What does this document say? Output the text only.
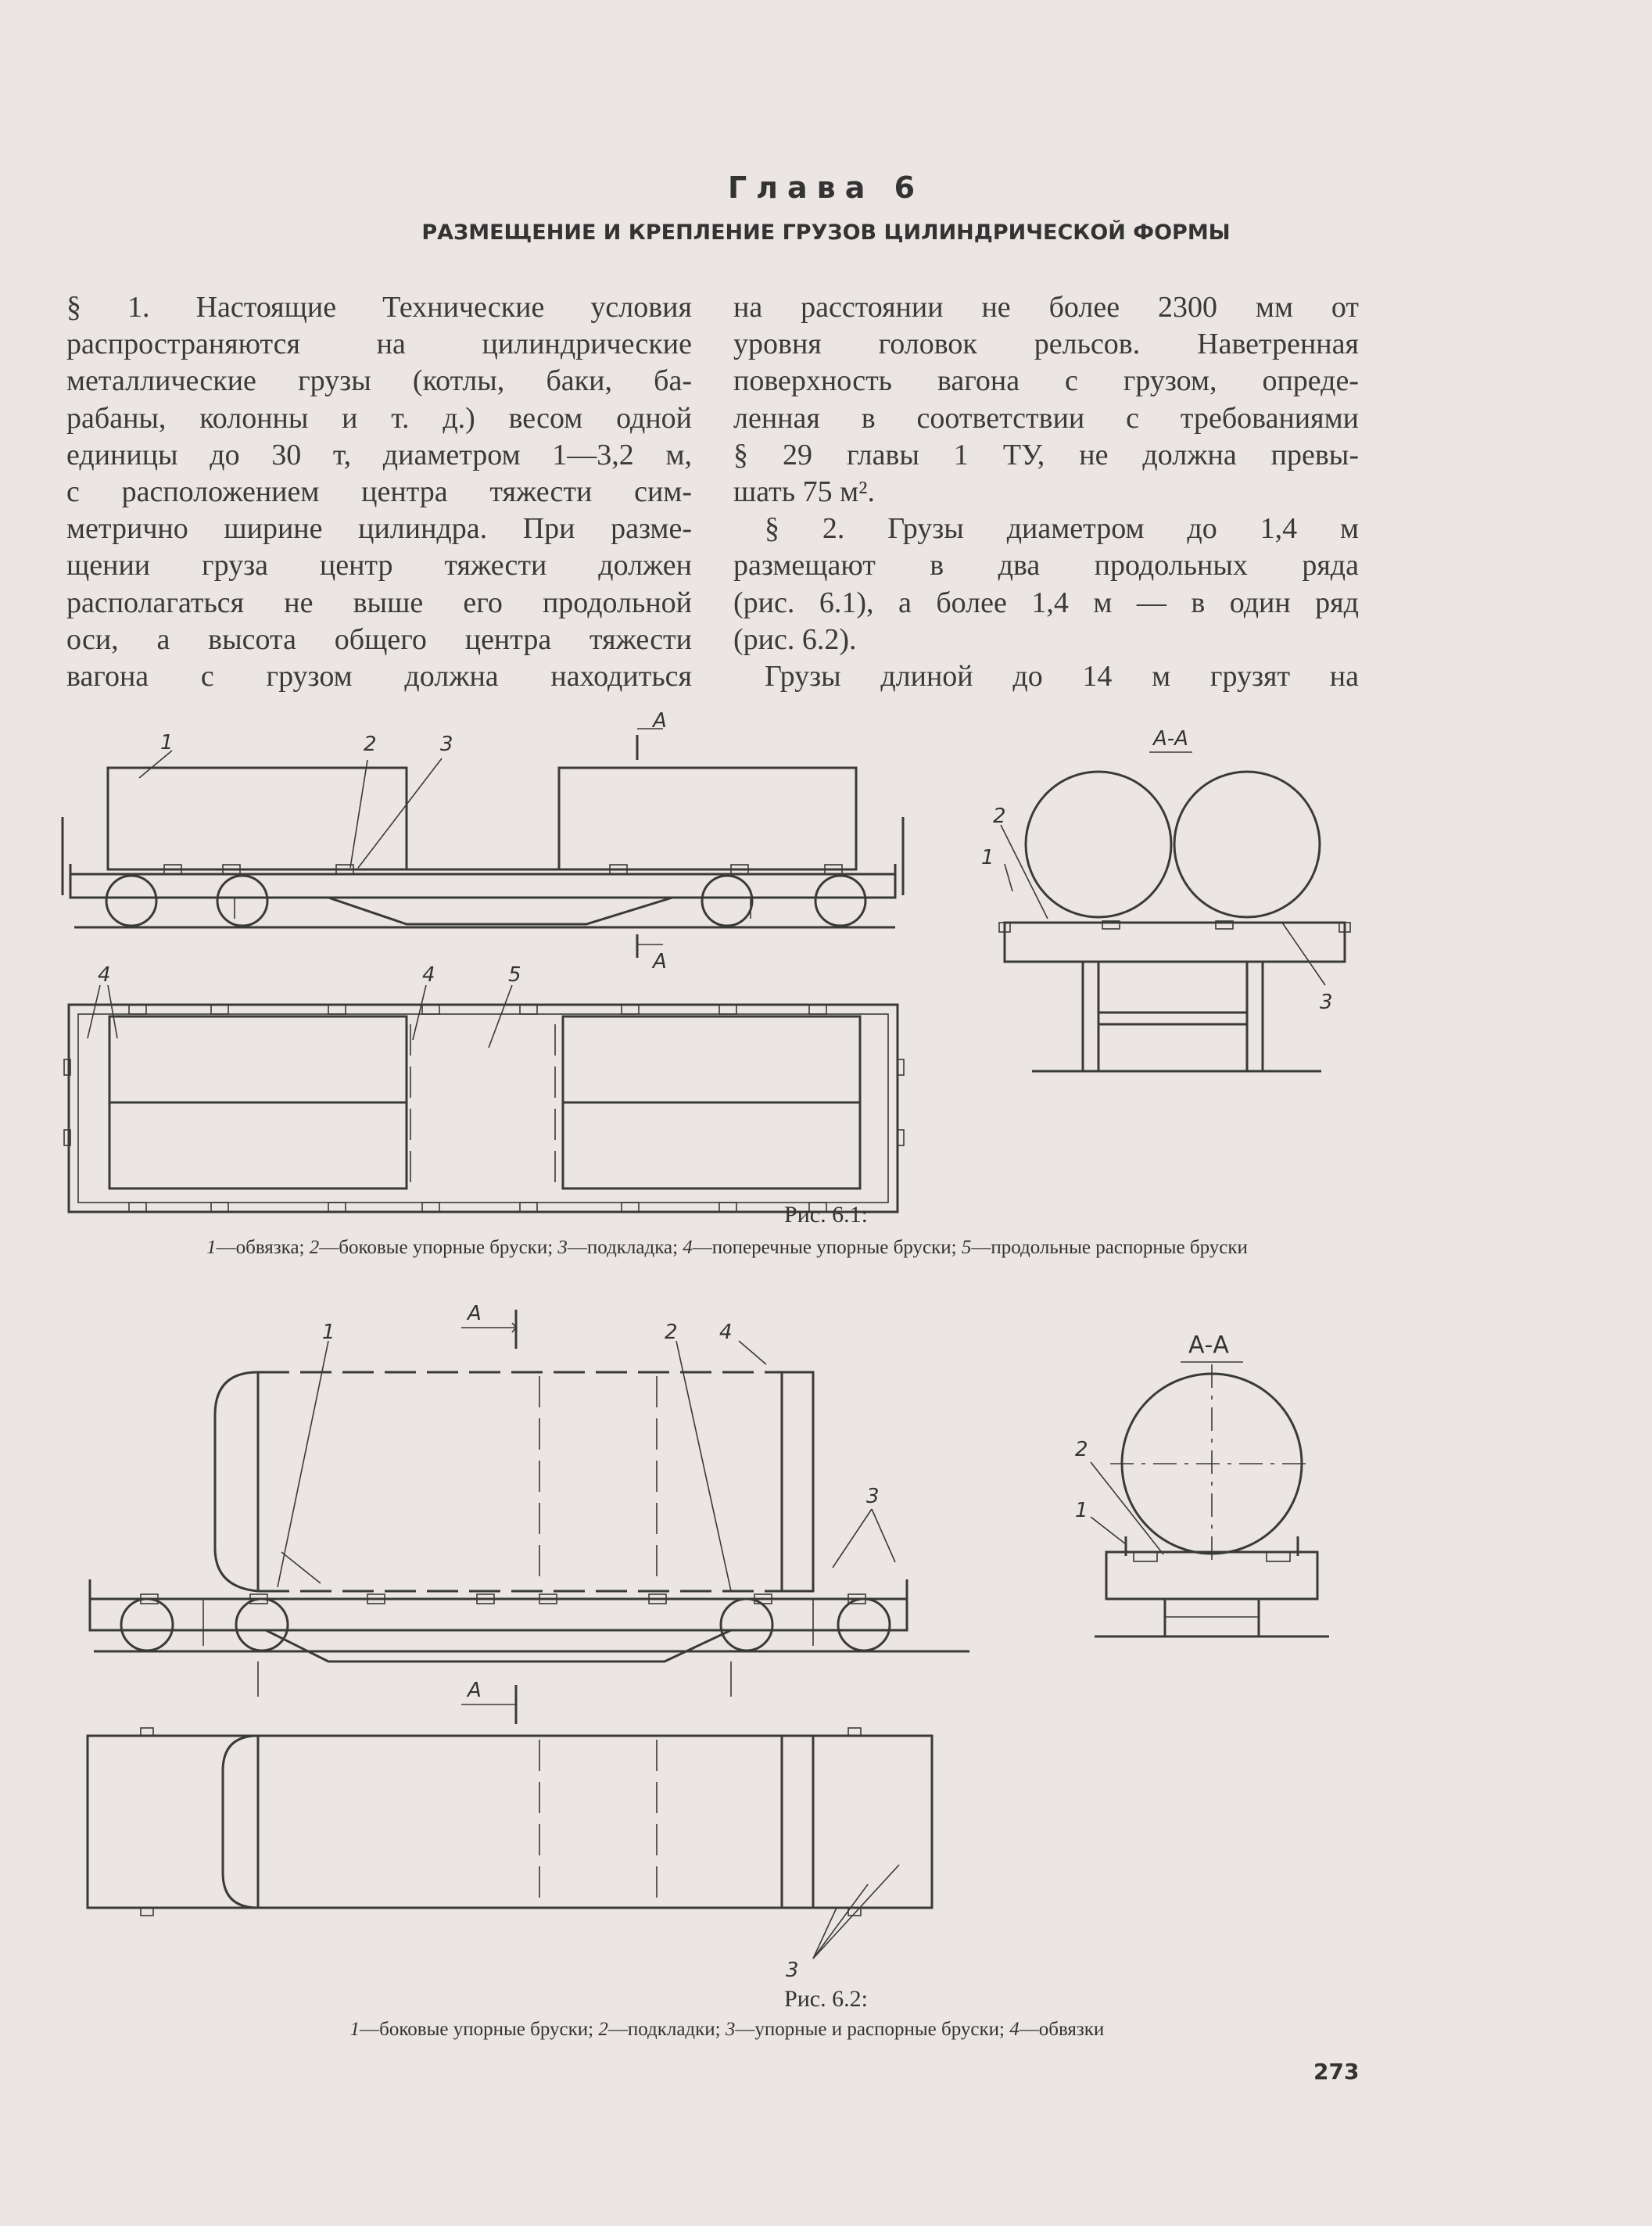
Глава 6
РАЗМЕЩЕНИЕ И КРЕПЛЕНИЕ ГРУЗОВ ЦИЛИНДРИЧЕСКОЙ ФОРМЫ
§ 1. Настоящие Технические условия
распространяются на цилиндрические
металлические грузы (котлы, баки, ба-
рабаны, колонны и т. д.) весом одной
единицы до 30 т, диаметром 1—3,2 м,
с расположением центра тяжести сим-
метрично ширине цилиндра. При разме-
щении груза центр тяжести должен
располагаться не выше его продольной
оси, а высота общего центра тяжести
вагона с грузом должна находиться
на расстоянии не более 2300 мм от
уровня головок рельсов. Наветренная
поверхность вагона с грузом, опреде-
ленная в соответствии с требованиями
§ 29 главы 1 ТУ, не должна превы-
шать 75 м².
§ 2. Грузы диаметром до 1,4 м
размещают в два продольных ряда
(рис. 6.1), а более 1,4 м — в один ряд
(рис. 6.2).
Грузы длиной до 14 м грузят на
А
А
1	2	3
4	4	5
А-А
2
1
3
Рис. 6.1:
1—обвязка; 2—боковые упорные бруски; 3—подкладка; 4—поперечные упорные бруски; 5—продольные распорные бруски
А
А
1	2 4
3
3
А-А
2
1
Рис. 6.2:
1—боковые упорные бруски; 2—подкладки; 3—упорные и распорные бруски; 4—обвязки
273
